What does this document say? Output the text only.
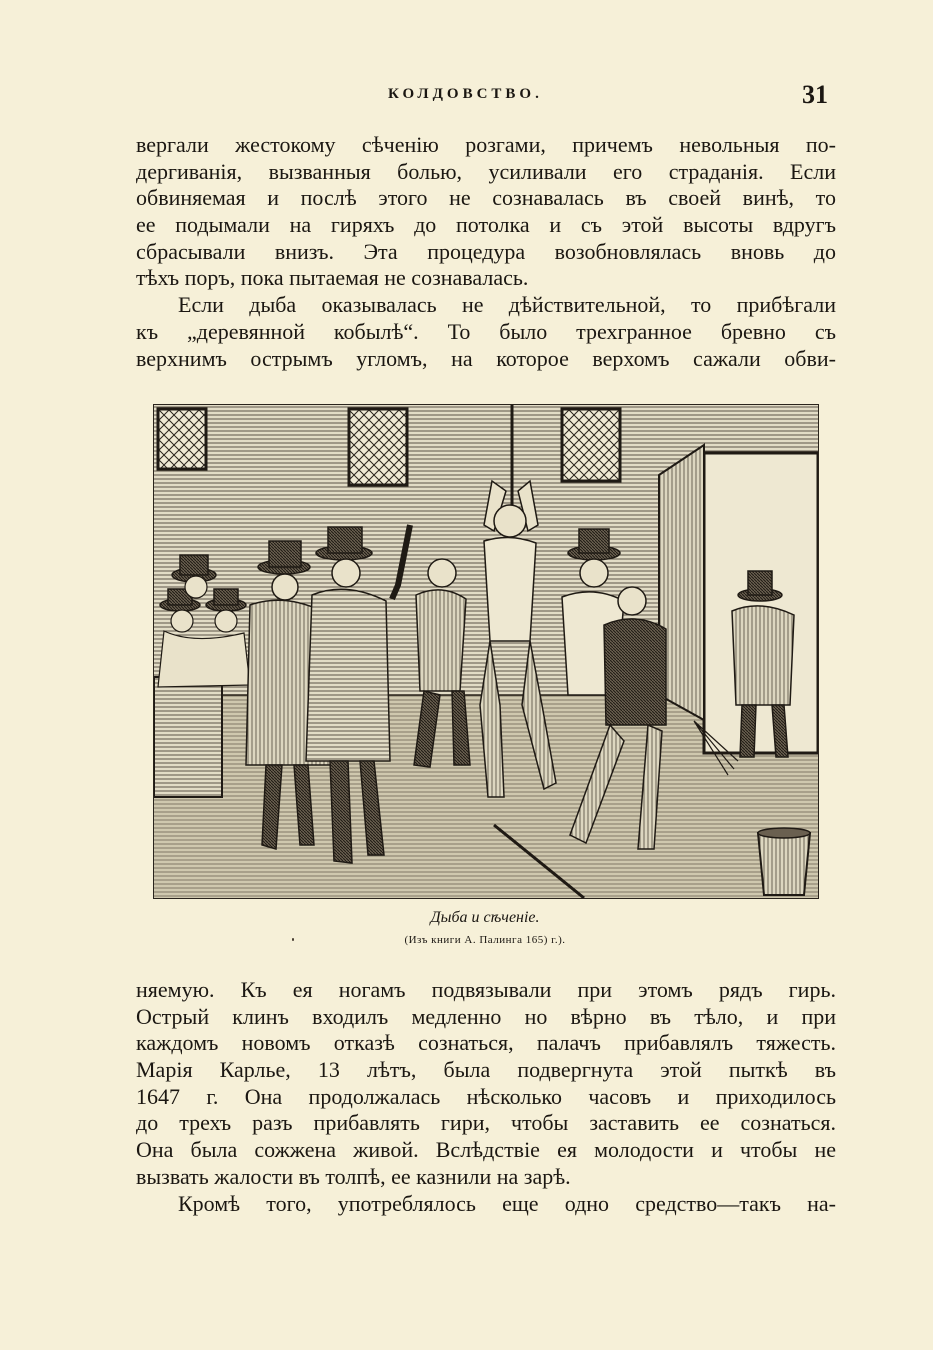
КОЛДОВСТВО.	31
вергали жестокому сѣченію розгами, причемъ невольныя по-
дергиванія, вызванныя болью, усиливали его страданія. Если
обвиняемая и послѣ этого не сознавалась въ своей винѣ, то
ее подымали на гиряхъ до потолка и съ этой высоты вдругъ
сбрасывали внизъ. Эта процедура возобновлялась вновь до
тѣхъ поръ, пока пытаемая не сознавалась.
Если дыба оказывалась не дѣйствительной, то прибѣгали
къ „деревянной кобылѣ“. То было трехгранное бревно съ
верхнимъ острымъ угломъ, на которое верхомъ сажали обви-
Дыба и сѣченіе.
(Изъ книги А. Палинга 165) г.).
няемую. Къ ея ногамъ подвязывали при этомъ рядъ гирь.
Острый клинъ входилъ медленно но вѣрно въ тѣло, и при
каждомъ новомъ отказѣ сознаться, палачъ прибавлялъ тяжесть.
Марія Карлье, 13 лѣтъ, была подвергнута этой пыткѣ въ
1647 г. Она продолжалась нѣсколько часовъ и приходилось
до трехъ разъ прибавлять гири, чтобы заставить ее сознаться.
Она была сожжена живой. Вслѣдствіе ея молодости и чтобы не
вызвать жалости въ толпѣ, ее казнили на зарѣ.
Кромѣ того, употреблялось еще одно средство—такъ на-
